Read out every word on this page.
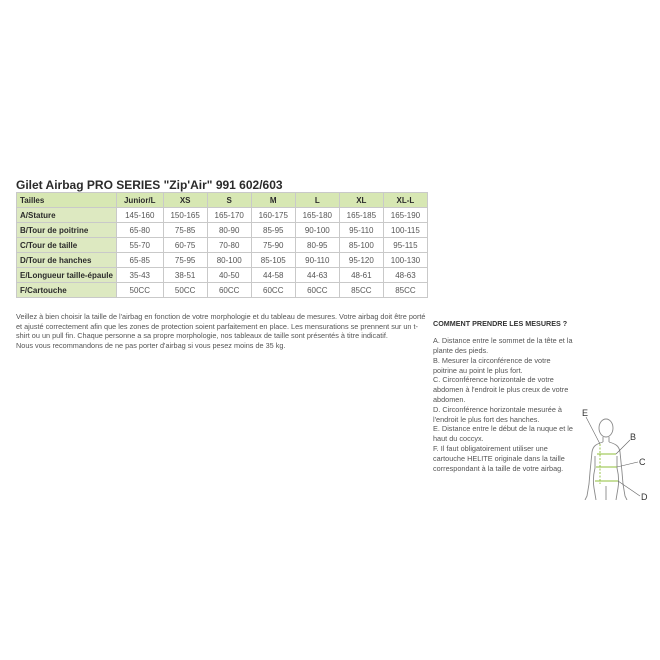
Gilet Airbag PRO SERIES "Zip'Air" 991 602/603
Tailles	Junior/L	XS	S	M	L	XL	XL-L
A/Stature	145-160	150-165	165-170	160-175	165-180	165-185	165-190
B/Tour de poitrine	65-80	75-85	80-90	85-95	90-100	95-110	100-115
C/Tour de taille	55-70	60-75	70-80	75-90	80-95	85-100	95-115
D/Tour de hanches	65-85	75-95	80-100	85-105	90-110	95-120	100-130
E/Longueur taille-épaule	35-43	38-51	40-50	44-58	44-63	48-61	48-63
F/Cartouche	50CC	50CC	60CC	60CC	60CC	85CC	85CC

Veillez à bien choisir la taille de l'airbag en fonction de votre morphologie et du tableau de mesures. Votre airbag doit être porté et ajusté correctement afin que les zones de protection soient parfaitement en place. Les mensurations se prennent sur un t-shirt ou un pull fin. Chaque personne a sa propre morphologie, nos tableaux de taille sont présentés à titre indicatif.

Nous vous recommandons de ne pas porter d'airbag si vous pesez moins de 35 kg.

COMMENT PRENDRE LES MESURES ?

A. Distance entre le sommet de la tête et la plante des pieds.

B. Mesurer la circonférence de votre poitrine au point le plus fort.

C. Circonférence horizontale de votre abdomen à l'endroit le plus creux de votre abdomen.

D. Circonférence horizontale mesurée à l'endroit le plus fort des hanches.

E. Distance entre le début de la nuque et le haut du coccyx.

F. Il faut obligatoirement utiliser une cartouche HELITE originale dans la taille correspondant à la taille de votre airbag.

E
B
C
D
